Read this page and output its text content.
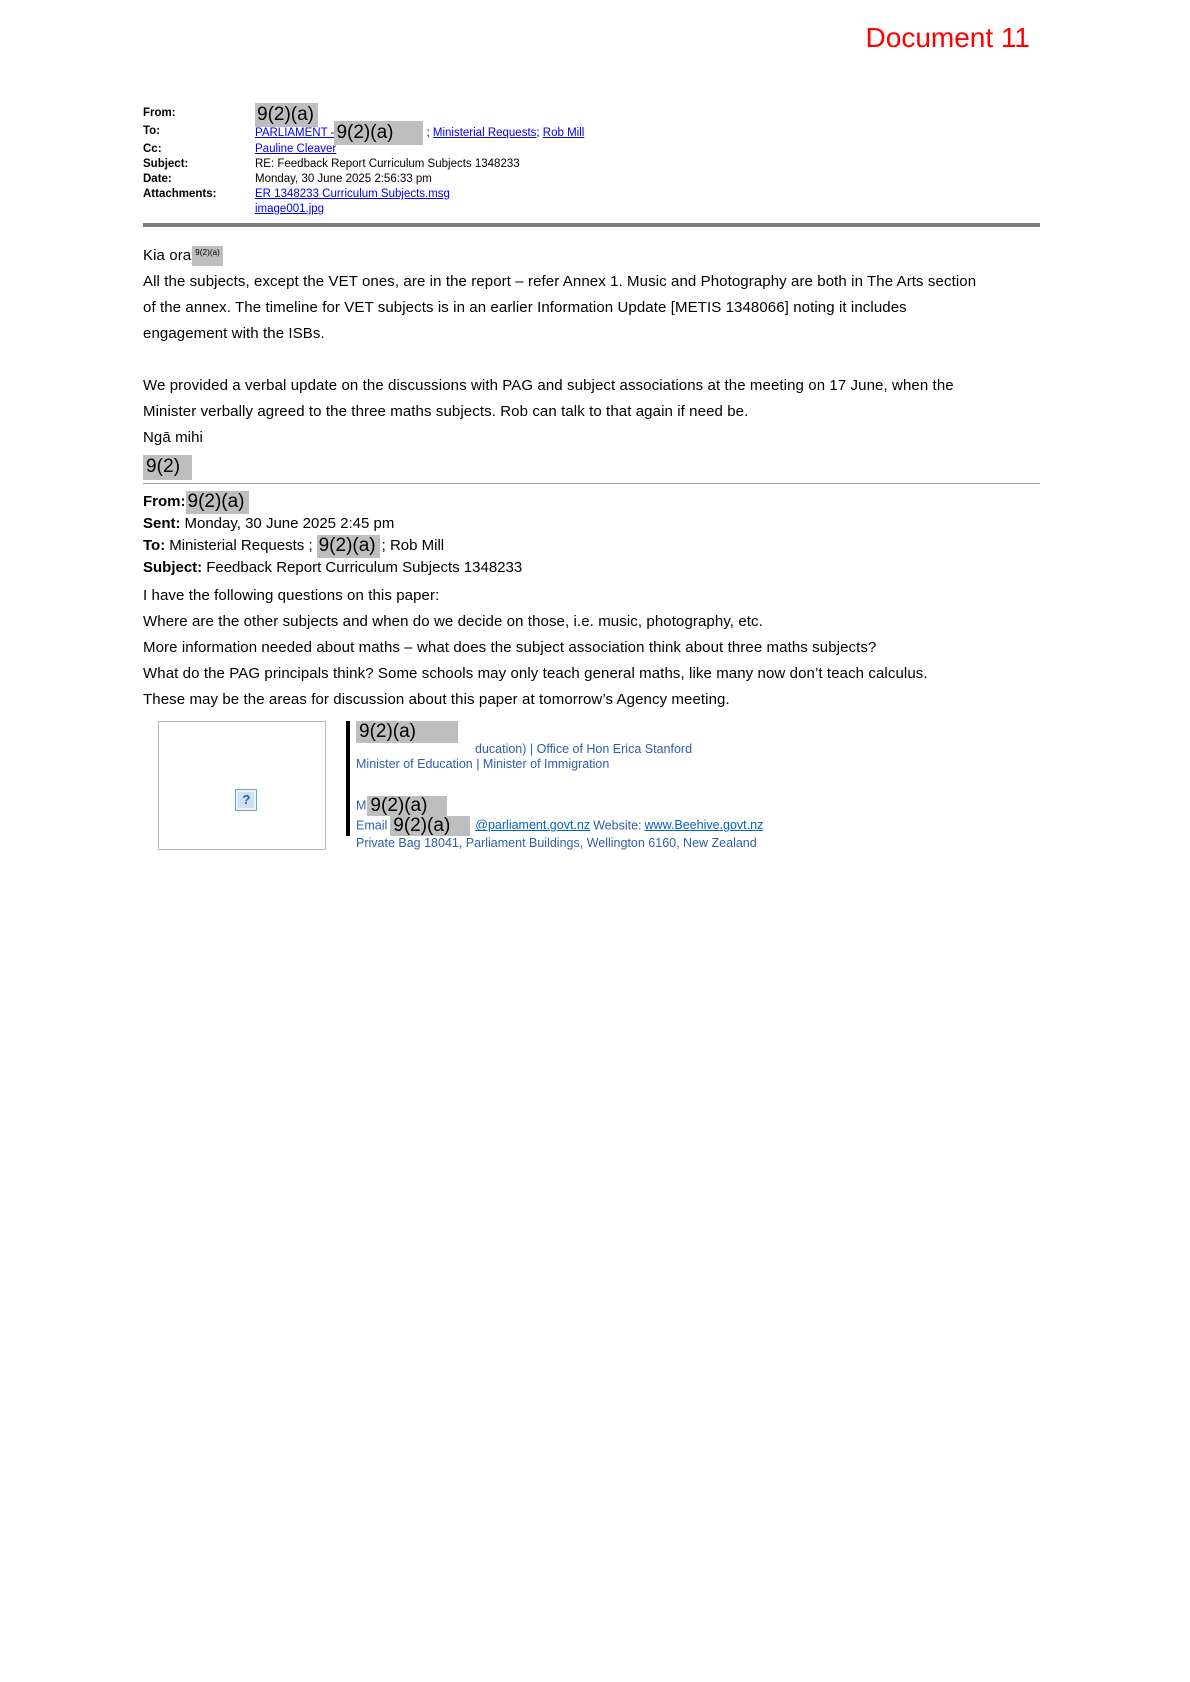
Document 11
From:	9(2)(a)
To:	PARLIAMENT - 9(2)(a)	; Ministerial Requests; Rob Mill
Cc:	Pauline Cleaver
Subject:	RE: Feedback Report Curriculum Subjects 1348233
Date:	Monday, 30 June 2025 2:56:33 pm
Attachments:	ER 1348233 Curriculum Subjects.msg
image001.jpg

Kia ora 9(2)(a)

All the subjects, except the VET ones, are in the report – refer Annex 1. Music and Photography are both in The Arts section of the annex. The timeline for VET subjects is in an earlier Information Update [METIS 1348066] noting it includes engagement with the ISBs.

We provided a verbal update on the discussions with PAG and subject associations at the meeting on 17 June, when the Minister verbally agreed to the three maths subjects. Rob can talk to that again if need be.

Ngā mihi

9(2)

From: 9(2)(a)

Sent: Monday, 30 June 2025 2:45 pm

To: Ministerial Requests ; 9(2)(a) ; Rob Mill

Subject: Feedback Report Curriculum Subjects 1348233

I have the following questions on this paper:

Where are the other subjects and when do we decide on those, i.e. music, photography, etc.

More information needed about maths – what does the subject association think about three maths subjects?

What do the PAG principals think? Some schools may only teach general maths, like many now don’t teach calculus.

These may be the areas for discussion about this paper at tomorrow’s Agency meeting.

?
9(2)(a)
ducation) | Office of Hon Erica Stanford
Minister of Education | Minister of Immigration
M 9(2)(a)
Email 9(2)(a) @parliament.govt.nz Website: www.Beehive.govt.nz
Private Bag 18041, Parliament Buildings, Wellington 6160, New Zealand
